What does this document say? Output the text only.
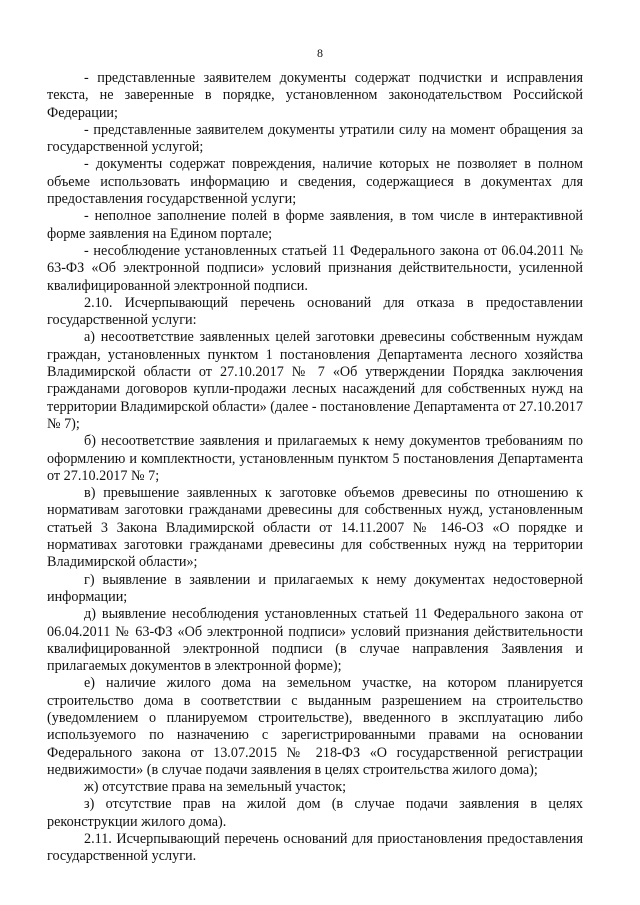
8

- представленные заявителем документы содержат подчистки и исправления текста, не заверенные в порядке, установленном законодательством Российской Федерации;

- представленные заявителем документы утратили силу на момент обращения за государственной услугой;

- документы содержат повреждения, наличие которых не позволяет в полном объеме использовать информацию и сведения, содержащиеся в документах для предоставления государственной услуги;

- неполное заполнение полей в форме заявления, в том числе в интерактивной форме заявления на Едином портале;

- несоблюдение установленных статьей 11 Федерального закона от 06.04.2011 № 63-ФЗ «Об электронной подписи» условий признания действительности, усиленной квалифицированной электронной подписи.

2.10. Исчерпывающий перечень оснований для отказа в предоставлении государственной услуги:

а) несоответствие заявленных целей заготовки древесины собственным нуждам граждан, установленных пунктом 1 постановления Департамента лесного хозяйства Владимирской области от 27.10.2017 № 7 «Об утверждении Порядка заключения гражданами договоров купли-продажи лесных насаждений для собственных нужд на территории Владимирской области» (далее - постановление Департамента от 27.10.2017 № 7);

б) несоответствие заявления и прилагаемых к нему документов требованиям по оформлению и комплектности, установленным пунктом 5 постановления Департамента от 27.10.2017 № 7;

в) превышение заявленных к заготовке объемов древесины по отношению к нормативам заготовки гражданами древесины для собственных нужд, установленным статьей 3 Закона Владимирской области от 14.11.2007 № 146-ОЗ «О порядке и нормативах заготовки гражданами древесины для собственных нужд на территории Владимирской области»;

г) выявление в заявлении и прилагаемых к нему документах недостоверной информации;

д) выявление несоблюдения установленных статьей 11 Федерального закона от 06.04.2011 № 63-ФЗ «Об электронной подписи» условий признания действительности квалифицированной электронной подписи (в случае направления Заявления и прилагаемых документов в электронной форме);

е) наличие жилого дома на земельном участке, на котором планируется строительство дома в соответствии с выданным разрешением на строительство (уведомлением о планируемом строительстве), введенного в эксплуатацию либо используемого по назначению с зарегистрированными правами на основании Федерального закона от 13.07.2015 № 218-ФЗ «О государственной регистрации недвижимости» (в случае подачи заявления в целях строительства жилого дома);

ж) отсутствие права на земельный участок;

з) отсутствие прав на жилой дом (в случае подачи заявления в целях реконструкции жилого дома).

2.11. Исчерпывающий перечень оснований для приостановления предоставления государственной услуги.
